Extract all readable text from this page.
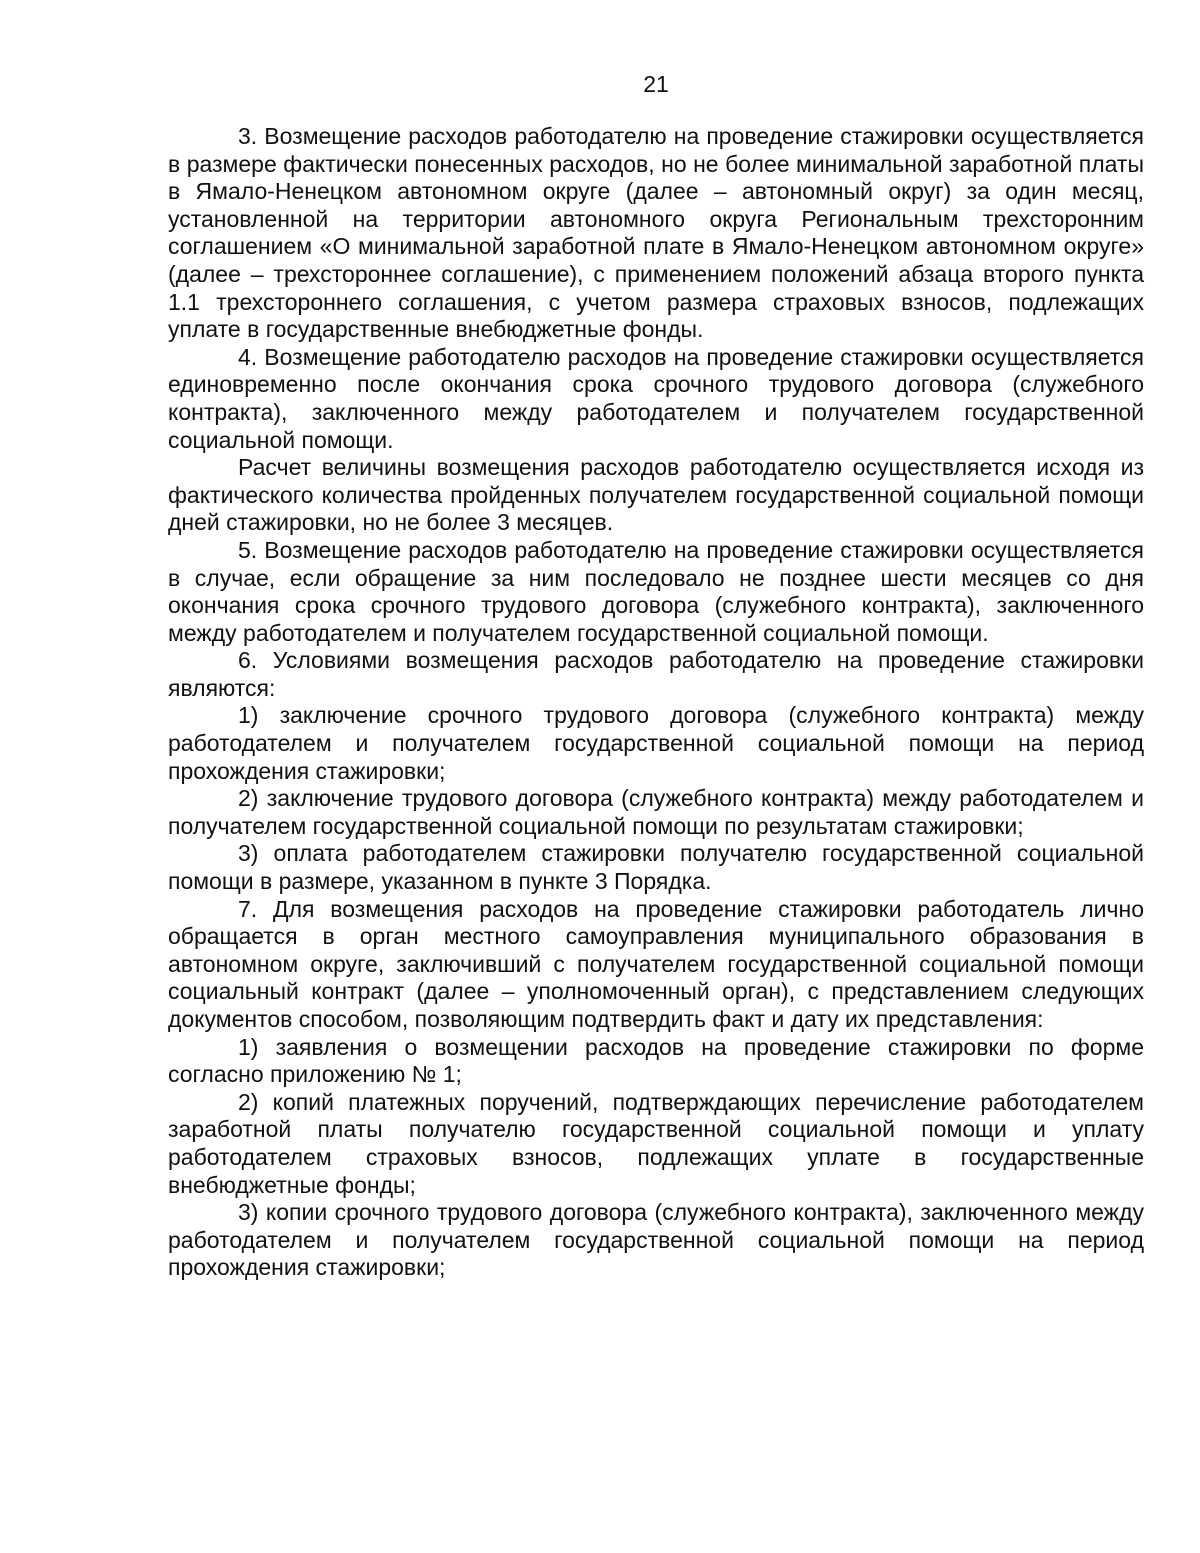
21

3. Возмещение расходов работодателю на проведение стажировки осуществляется в размере фактически понесенных расходов, но не более минимальной заработной платы в Ямало-Ненецком автономном округе (далее – автономный округ) за один месяц, установленной на территории автономного округа Региональным трехсторонним соглашением «О минимальной заработной плате в Ямало-Ненецком автономном округе» (далее – трехстороннее соглашение), с применением положений абзаца второго пункта 1.1 трехстороннего соглашения, с учетом размера страховых взносов, подлежащих уплате в государственные внебюджетные фонды.

4. Возмещение работодателю расходов на проведение стажировки осуществляется единовременно после окончания срока срочного трудового договора (служебного контракта), заключенного между работодателем и получателем государственной социальной помощи.

Расчет величины возмещения расходов работодателю осуществляется исходя из фактического количества пройденных получателем государственной социальной помощи дней стажировки, но не более 3 месяцев.

5. Возмещение расходов работодателю на проведение стажировки осуществляется в случае, если обращение за ним последовало не позднее шести месяцев со дня окончания срока срочного трудового договора (служебного контракта), заключенного между работодателем и получателем государственной социальной помощи.

6. Условиями возмещения расходов работодателю на проведение стажировки являются:

1) заключение срочного трудового договора (служебного контракта) между работодателем и получателем государственной социальной помощи на период прохождения стажировки;

2) заключение трудового договора (служебного контракта) между работодателем и получателем государственной социальной помощи по результатам стажировки;

3) оплата работодателем стажировки получателю государственной социальной помощи в размере, указанном в пункте 3 Порядка.

7. Для возмещения расходов на проведение стажировки работодатель лично обращается в орган местного самоуправления муниципального образования в автономном округе, заключивший с получателем государственной социальной помощи социальный контракт (далее – уполномоченный орган), с представлением следующих документов способом, позволяющим подтвердить факт и дату их представления:

1) заявления о возмещении расходов на проведение стажировки по форме согласно приложению № 1;

2) копий платежных поручений, подтверждающих перечисление работодателем заработной платы получателю государственной социальной помощи и уплату работодателем страховых взносов, подлежащих уплате в государственные внебюджетные фонды;

3) копии срочного трудового договора (служебного контракта), заключенного между работодателем и получателем государственной социальной помощи на период прохождения стажировки;
